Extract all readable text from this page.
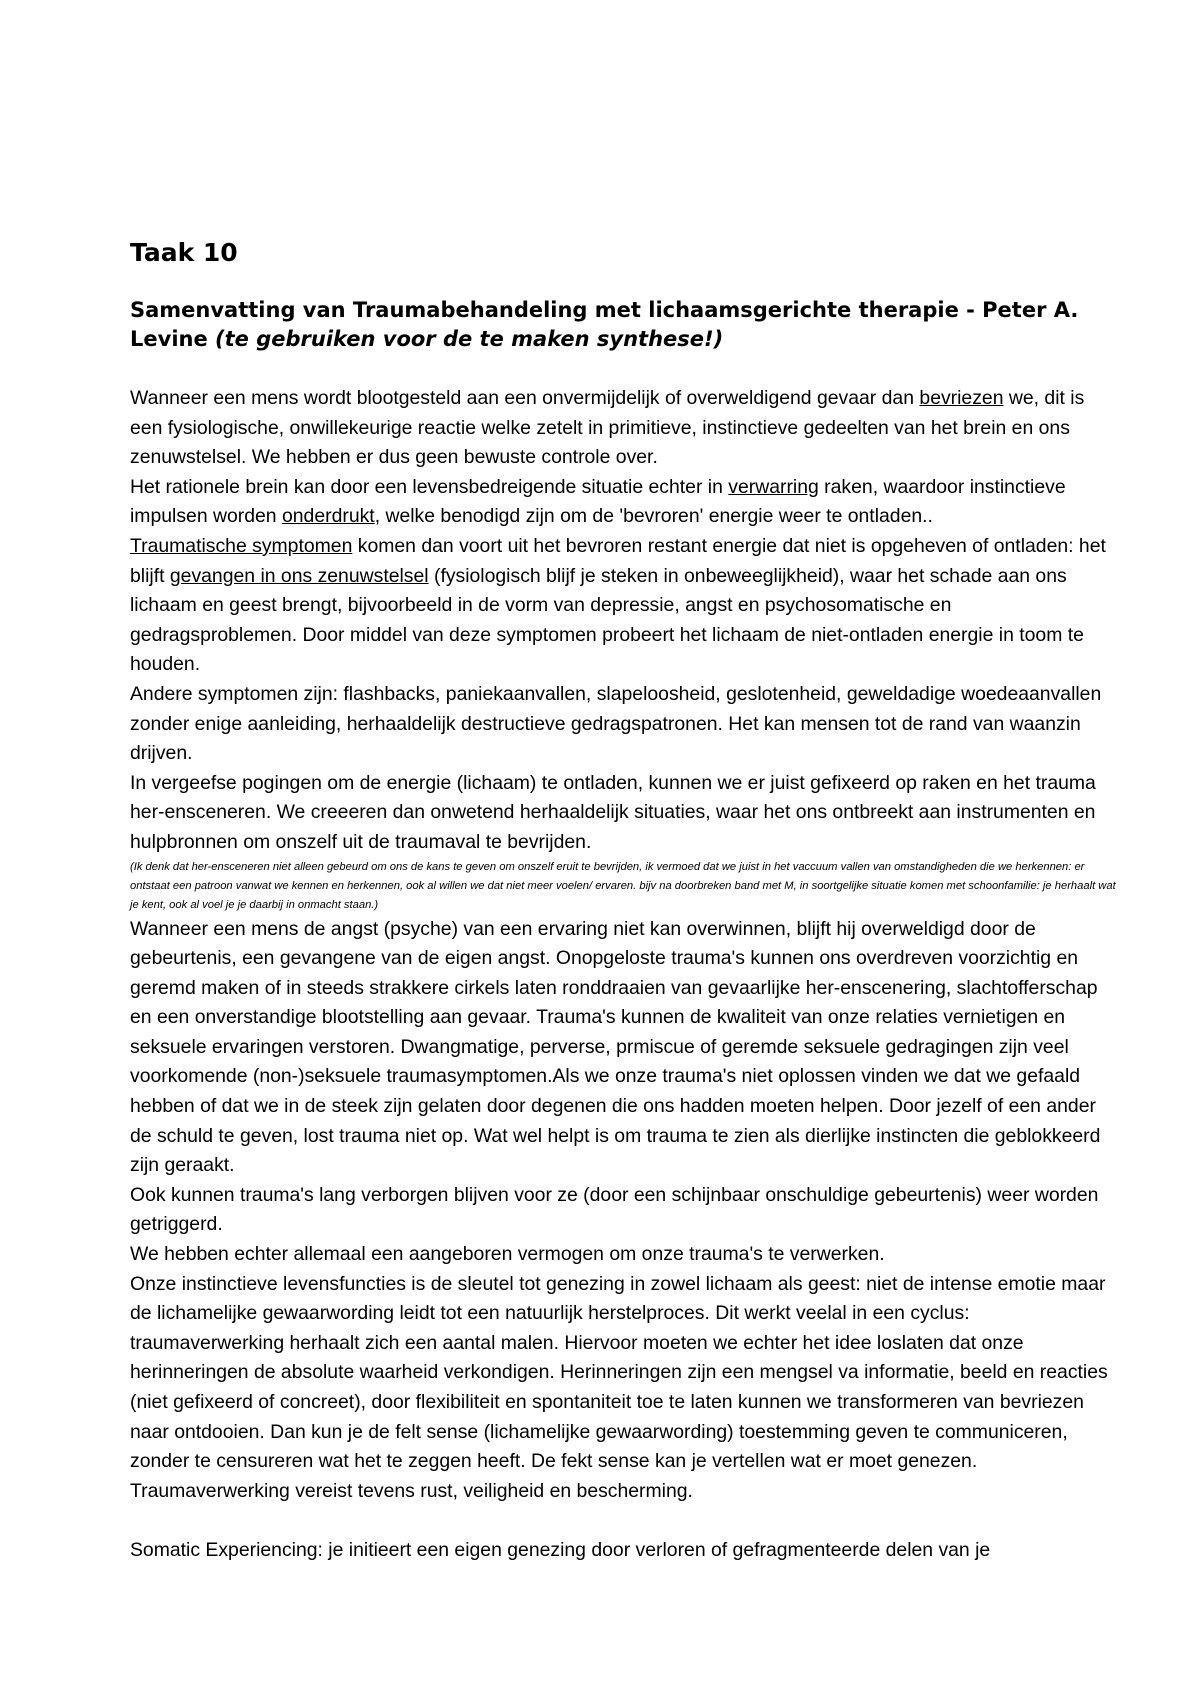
Taak 10
Samenvatting van Traumabehandeling met lichaamsgerichte therapie - Peter A. Levine (te gebruiken voor de te maken synthese!)

Wanneer een mens wordt blootgesteld aan een onvermijdelijk of overweldigend gevaar dan bevriezen we, dit is een fysiologische, onwillekeurige reactie welke zetelt in primitieve, instinctieve gedeelten van het brein en ons zenuwstelsel. We hebben er dus geen bewuste controle over.

Het rationele brein kan door een levensbedreigende situatie echter in verwarring raken, waardoor instinctieve impulsen worden onderdrukt, welke benodigd zijn om de 'bevroren' energie weer te ontladen..

Traumatische symptomen komen dan voort uit het bevroren restant energie dat niet is opgeheven of ontladen: het blijft gevangen in ons zenuwstelsel (fysiologisch blijf je steken in onbeweeglijkheid), waar het schade aan ons lichaam en geest brengt, bijvoorbeeld in de vorm van depressie, angst en psychosomatische en gedragsproblemen. Door middel van deze symptomen probeert het lichaam de niet-ontladen energie in toom te houden.

Andere symptomen zijn: flashbacks, paniekaanvallen, slapeloosheid, geslotenheid, geweldadige woedeaanvallen zonder enige aanleiding, herhaaldelijk destructieve gedragspatronen. Het kan mensen tot de rand van waanzin drijven.

In vergeefse pogingen om de energie (lichaam) te ontladen, kunnen we er juist gefixeerd op raken en het trauma her-ensceneren. We creeeren dan onwetend herhaaldelijk situaties, waar het ons ontbreekt aan instrumenten en hulpbronnen om onszelf uit de traumaval te bevrijden.

(Ik denk dat her-ensceneren niet alleen gebeurd om ons de kans te geven om onszelf eruit te bevrijden, ik vermoed dat we juist in het vaccuum vallen van omstandigheden die we herkennen: er ontstaat een patroon vanwat we kennen en herkennen, ook al willen we dat niet meer voelen/ ervaren. bijv na doorbreken band met M, in soortgelijke situatie komen met schoonfamilie: je herhaalt wat je kent, ook al voel je je daarbij in onmacht staan.)

Wanneer een mens de angst (psyche) van een ervaring niet kan overwinnen, blijft hij overweldigd door de gebeurtenis, een gevangene van de eigen angst. Onopgeloste trauma's kunnen ons overdreven voorzichtig en geremd maken of in steeds strakkere cirkels laten ronddraaien van gevaarlijke her-enscenering, slachtofferschap en een onverstandige blootstelling aan gevaar. Trauma's kunnen de kwaliteit van onze relaties vernietigen en seksuele ervaringen verstoren. Dwangmatige, perverse, prmiscue of geremde seksuele gedragingen zijn veel voorkomende (non-)seksuele traumasymptomen.Als we onze trauma's niet oplossen vinden we dat we gefaald hebben of dat we in de steek zijn gelaten door degenen die ons hadden moeten helpen. Door jezelf of een ander de schuld te geven, lost trauma niet op. Wat wel helpt is om trauma te zien als dierlijke instincten die geblokkeerd zijn geraakt.

Ook kunnen trauma's lang verborgen blijven voor ze (door een schijnbaar onschuldige gebeurtenis) weer worden getriggerd.

We hebben echter allemaal een aangeboren vermogen om onze trauma's te verwerken.

Onze instinctieve levensfuncties is de sleutel tot genezing in zowel lichaam als geest: niet de intense emotie maar de lichamelijke gewaarwording leidt tot een natuurlijk herstelproces. Dit werkt veelal in een cyclus: traumaverwerking herhaalt zich een aantal malen. Hiervoor moeten we echter het idee loslaten dat onze herinneringen de absolute waarheid verkondigen. Herinneringen zijn een mengsel va informatie, beeld en reacties (niet gefixeerd of concreet), door flexibiliteit en spontaniteit toe te laten kunnen we transformeren van bevriezen naar ontdooien. Dan kun je de felt sense (lichamelijke gewaarwording) toestemming geven te communiceren, zonder te censureren wat het te zeggen heeft. De fekt sense kan je vertellen wat er moet genezen.

Traumaverwerking vereist tevens rust, veiligheid en bescherming.

Somatic Experiencing: je initieert een eigen genezing door verloren of gefragmenteerde delen van je
